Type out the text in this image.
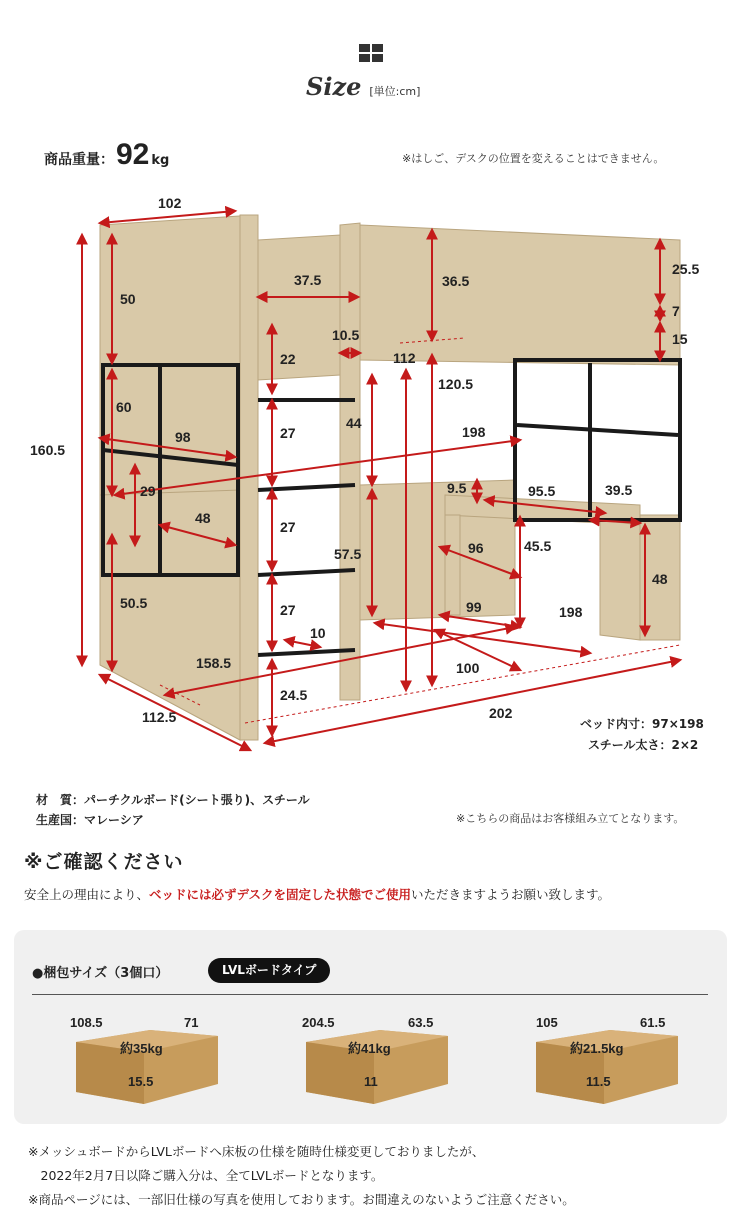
Size [単位:cm]
商品重量： 92 kg	※はしご、デスクの位置を変えることはできません。
102
50
37.5	36.5
25.5
7
15
10.5
22	112
120.5
60
98	27
44
198
160.5
29	9.5	95.5	39.5
48
27
96	45.5
57.5
48
50.5	27	99	198
10
158.5	100
24.5
112.5	202
ベッド内寸：97×198
スチール太さ：2×2
材　質： パーチクルボード(シート張り)、スチール
生産国： マレーシア	※こちらの商品はお客様組み立てとなります。
※ご確認ください
安全上の理由により、ベッドには必ずデスクを固定した状態でご使用いただきますようお願い致します。
●梱包サイズ（3個口）	LVLボードタイプ
108.5	71
約35kg
15.5
204.5	63.5
約41kg
11
105	61.5
約21.5kg
11.5
※メッシュボードからLVLボードへ床板の仕様を随時仕様変更しておりましたが、
　2022年2月7日以降ご購入分は、全てLVLボードとなります。
※商品ページには、一部旧仕様の写真を使用しております。お間違えのないようご注意ください。
